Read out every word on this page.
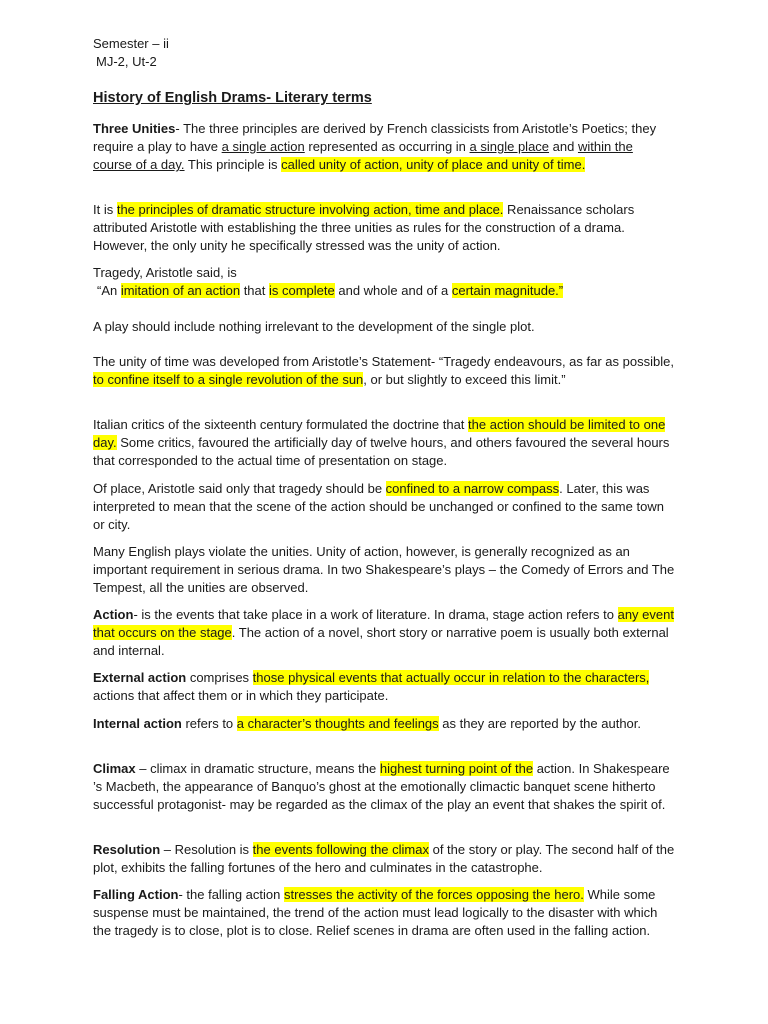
Semester – ii

MJ-2, Ut-2

History of English Drams- Literary terms

Three Unities- The three principles are derived by French classicists from Aristotle’s Poetics; they require a play to have a single action represented as occurring in a single place and within the course of a day. This principle is called unity of action, unity of place and unity of time.

It is the principles of dramatic structure involving action, time and place. Renaissance scholars attributed Aristotle with establishing the three unities as rules for the construction of a drama. However, the only unity he specifically stressed was the unity of action.

Tragedy, Aristotle said, is
“An imitation of an action that is complete and whole and of a certain magnitude.”

A play should include nothing irrelevant to the development of the single plot.

The unity of time was developed from Aristotle’s Statement- “Tragedy endeavours, as far as possible, to confine itself to a single revolution of the sun, or but slightly to exceed this limit.”

Italian critics of the sixteenth century formulated the doctrine that the action should be limited to one day. Some critics, favoured the artificially day of twelve hours, and others favoured the several hours that corresponded to the actual time of presentation on stage.

Of place, Aristotle said only that tragedy should be confined to a narrow compass. Later, this was interpreted to mean that the scene of the action should be unchanged or confined to the same town or city.

Many English plays violate the unities. Unity of action, however, is generally recognized as an important requirement in serious drama. In two Shakespeare’s plays – the Comedy of Errors and The Tempest, all the unities are observed.

Action- is the events that take place in a work of literature. In drama, stage action refers to any event that occurs on the stage. The action of a novel, short story or narrative poem is usually both external and internal.

External action comprises those physical events that actually occur in relation to the characters, actions that affect them or in which they participate.

Internal action refers to a character’s thoughts and feelings as they are reported by the author.

Climax – climax in dramatic structure, means the highest turning point of the action. In Shakespeare ’s Macbeth, the appearance of Banquo’s ghost at the emotionally climactic banquet scene hitherto successful protagonist- may be regarded as the climax of the play an event that shakes the spirit of.

Resolution – Resolution is the events following the climax of the story or play. The second half of the plot, exhibits the falling fortunes of the hero and culminates in the catastrophe.

Falling Action- the falling action stresses the activity of the forces opposing the hero. While some suspense must be maintained, the trend of the action must lead logically to the disaster with which the tragedy is to close, plot is to close. Relief scenes in drama are often used in the falling action.
